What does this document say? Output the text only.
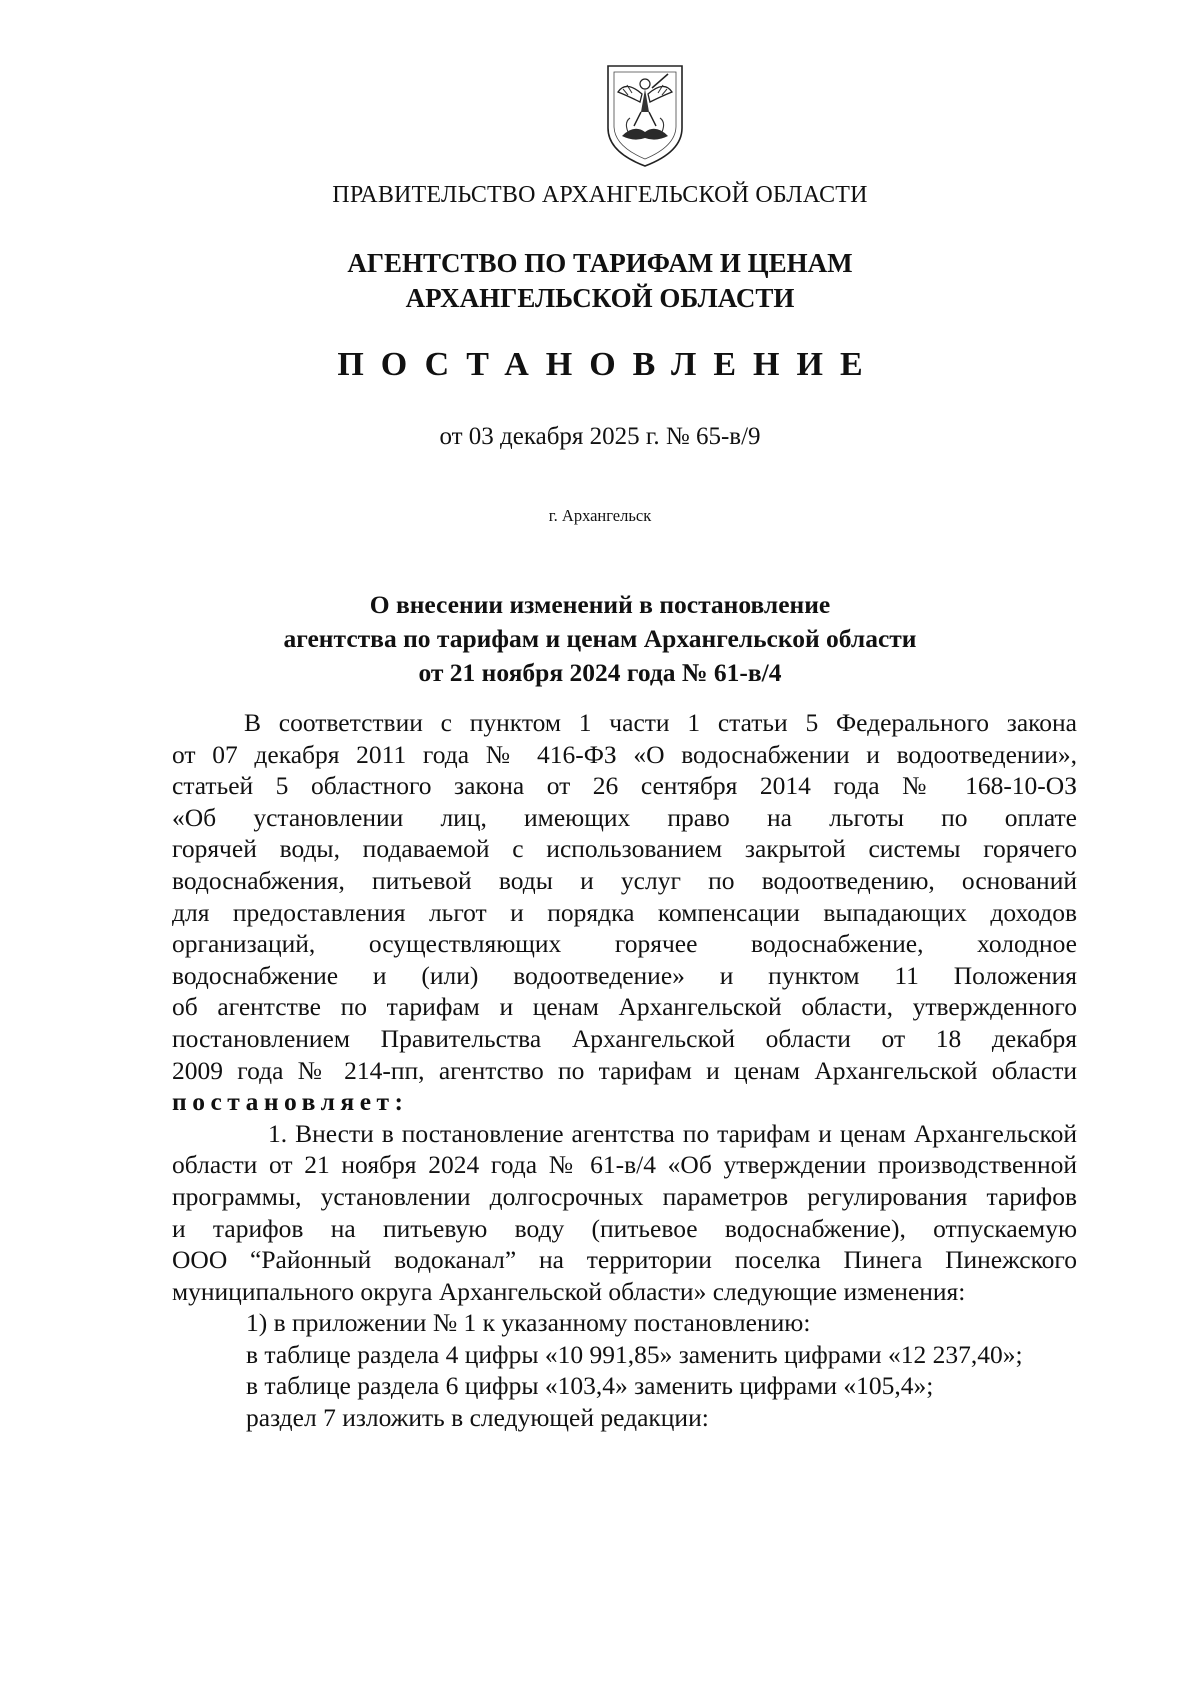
ПРАВИТЕЛЬСТВО АРХАНГЕЛЬСКОЙ ОБЛАСТИ
АГЕНТСТВО ПО ТАРИФАМ И ЦЕНАМ
АРХАНГЕЛЬСКОЙ ОБЛАСТИ
ПОСТАНОВЛЕНИЕ
от 03 декабря 2025 г. № 65-в/9
г. Архангельск
О внесении изменений в постановление
агентства по тарифам и ценам Архангельской области
от 21 ноября 2024 года № 61-в/4

В соответствии с пунктом 1 части 1 статьи 5 Федерального закона

от 07 декабря 2011 года № 416-ФЗ «О водоснабжении и водоотведении»,

статьей 5 областного закона от 26 сентября 2014 года № 168-10-ОЗ

«Об установлении лиц, имеющих право на льготы по оплате

горячей воды, подаваемой с использованием закрытой системы горячего

водоснабжения, питьевой воды и услуг по водоотведению, оснований

для предоставления льгот и порядка компенсации выпадающих доходов

организаций, осуществляющих горячее водоснабжение, холодное

водоснабжение и (или) водоотведение» и пунктом 11 Положения

об агентстве по тарифам и ценам Архангельской области, утвержденного

постановлением Правительства Архангельской области от 18 декабря

2009 года № 214-пп, агентство по тарифам и ценам Архангельской области

постановляет:

1. Внести в постановление агентства по тарифам и ценам Архангельской

области от 21 ноября 2024 года № 61-в/4 «Об утверждении производственной

программы, установлении долгосрочных параметров регулирования тарифов

и тарифов на питьевую воду (питьевое водоснабжение), отпускаемую

ООО “Районный водоканал” на территории поселка Пинега Пинежского

муниципального округа Архангельской области» следующие изменения:

1) в приложении № 1 к указанному постановлению:

в таблице раздела 4 цифры «10 991,85» заменить цифрами «12 237,40»;

в таблице раздела 6 цифры «103,4» заменить цифрами «105,4»;

раздел 7 изложить в следующей редакции:
